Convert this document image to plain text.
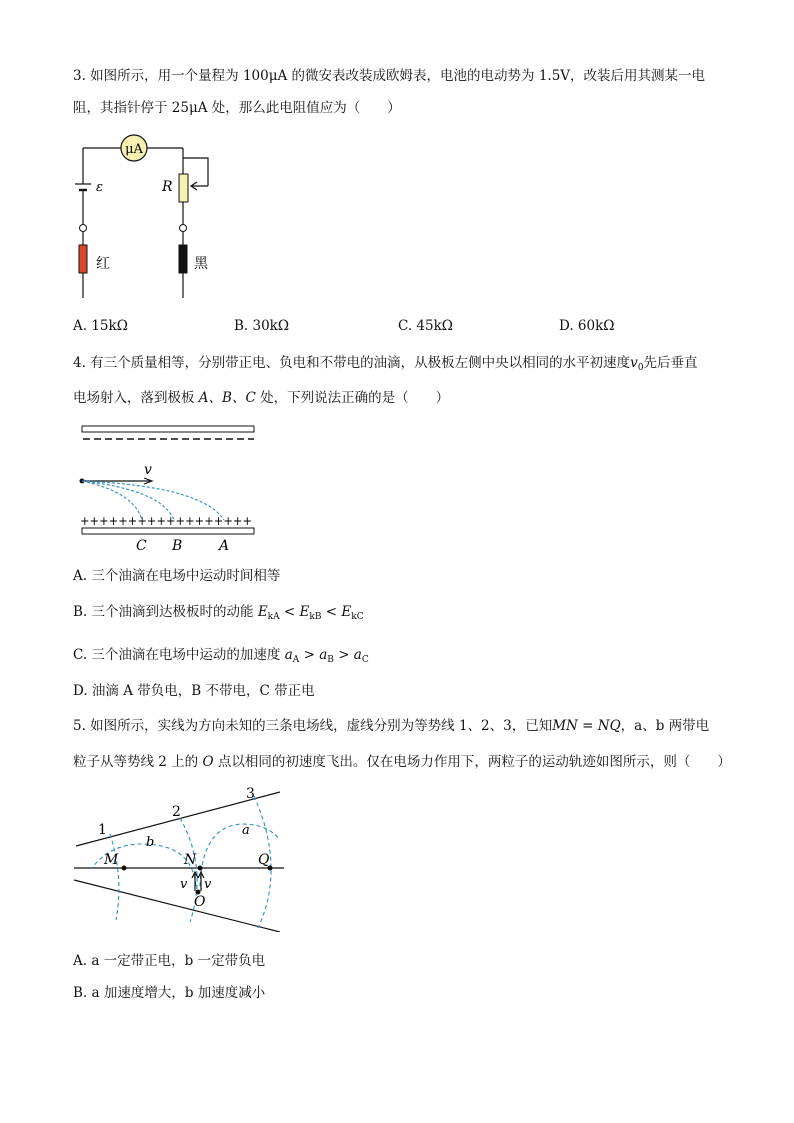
3. 如图所示，用一个量程为 100μA 的微安表改装成欧姆表，电池的电动势为 1.5V，改装后用其测某一电
阻，其指针停于 25μA 处，那么此电阻值应为（　　）
μA
ε
红
R
黑
A. 15kΩ	B. 30kΩ	C. 45kΩ	D. 60kΩ
4. 有三个质量相等，分别带正电、负电和不带电的油滴，从极板左侧中央以相同的水平初速度$v_0$先后垂直
电场射入，落到极板 A、B、C 处，下列说法正确的是（　　）
v
++++++++++++++++++
C B	A
A. 三个油滴在电场中运动时间相等
B. 三个油滴到达极板时的动能 $E_{kA} < E_{kB} < E_{kC}$
C. 三个油滴在电场中运动的加速度 $a_A > a_B > a_C$
D. 油滴 A 带负电，B 不带电，C 带正电
5. 如图所示，实线为方向未知的三条电场线，虚线分别为等势线 1、2、3，已知MN = NQ，a、b 两带电
粒子从等势线 2 上的 O 点以相同的初速度飞出。仅在电场力作用下，两粒子的运动轨迹如图所示，则（　　）
1
2
3
b
a
M	N	Q
O
v v
A. a 一定带正电，b 一定带负电
B. a 加速度增大，b 加速度减小
